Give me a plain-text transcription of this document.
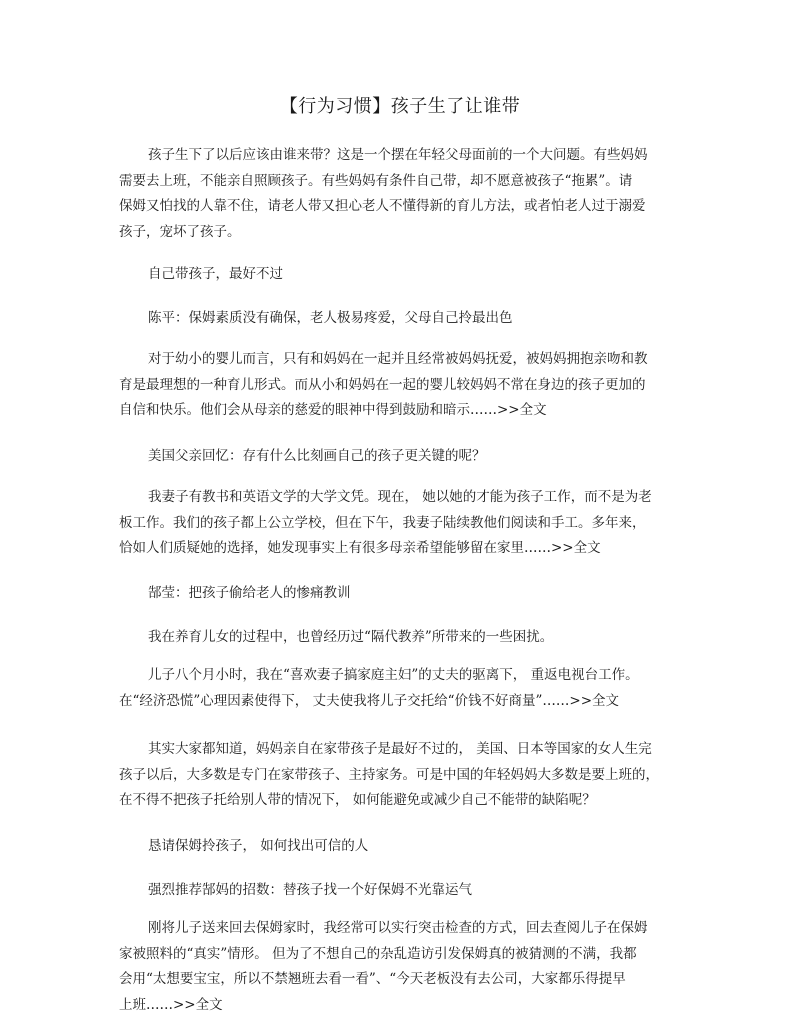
【行为习惯】孩子生了让谁带

孩子生下了以后应该由谁来带？这是一个摆在年轻父母面前的一个大问题。有些妈妈
需要去上班，不能亲自照顾孩子。有些妈妈有条件自己带，却不愿意被孩子“拖累”。请
保姆又怕找的人靠不住，请老人带又担心老人不懂得新的育儿方法，或者怕老人过于溺爱
孩子，宠坏了孩子。

自己带孩子，最好不过
陈平：保姆素质没有确保，老人极易疼爱，父母自己拎最出色

对于幼小的婴儿而言，只有和妈妈在一起并且经常被妈妈抚爱，被妈妈拥抱亲吻和教
育是最理想的一种育儿形式。而从小和妈妈在一起的婴儿较妈妈不常在身边的孩子更加的
自信和快乐。他们会从母亲的慈爱的眼神中得到鼓励和暗示……>>全文

美国父亲回忆：存有什么比刻画自己的孩子更关键的呢？

我妻子有教书和英语文学的大学文凭。现在， 她以她的才能为孩子工作，而不是为老
板工作。我们的孩子都上公立学校，但在下午，我妻子陆续教他们阅读和手工。多年来，
恰如人们质疑她的选择，她发现事实上有很多母亲希望能够留在家里……>>全文

郜莹：把孩子偷给老人的惨痛教训
我在养育儿女的过程中，也曾经历过“隔代教养”所带来的一些困扰。

儿子八个月小时，我在“喜欢妻子搞家庭主妇”的丈夫的驱离下， 重返电视台工作。
在“经济恐慌”心理因素使得下， 丈夫使我将儿子交托给“价钱不好商量”……>>全文

其实大家都知道，妈妈亲自在家带孩子是最好不过的， 美国、日本等国家的女人生完
孩子以后，大多数是专门在家带孩子、主持家务。可是中国的年轻妈妈大多数是要上班的，
在不得不把孩子托给别人带的情况下， 如何能避免或减少自己不能带的缺陷呢？

恳请保姆拎孩子， 如何找出可信的人
强烈推荐郜妈的招数：替孩子找一个好保姆不光靠运气

刚将儿子送来回去保姆家时，我经常可以实行突击检查的方式，回去查阅儿子在保姆
家被照料的“真实”情形。 但为了不想自己的杂乱造访引发保姆真的被猜测的不满，我都
会用“太想要宝宝，所以不禁翘班去看一看”、“今天老板没有去公司，大家都乐得提早
上班……>>全文
